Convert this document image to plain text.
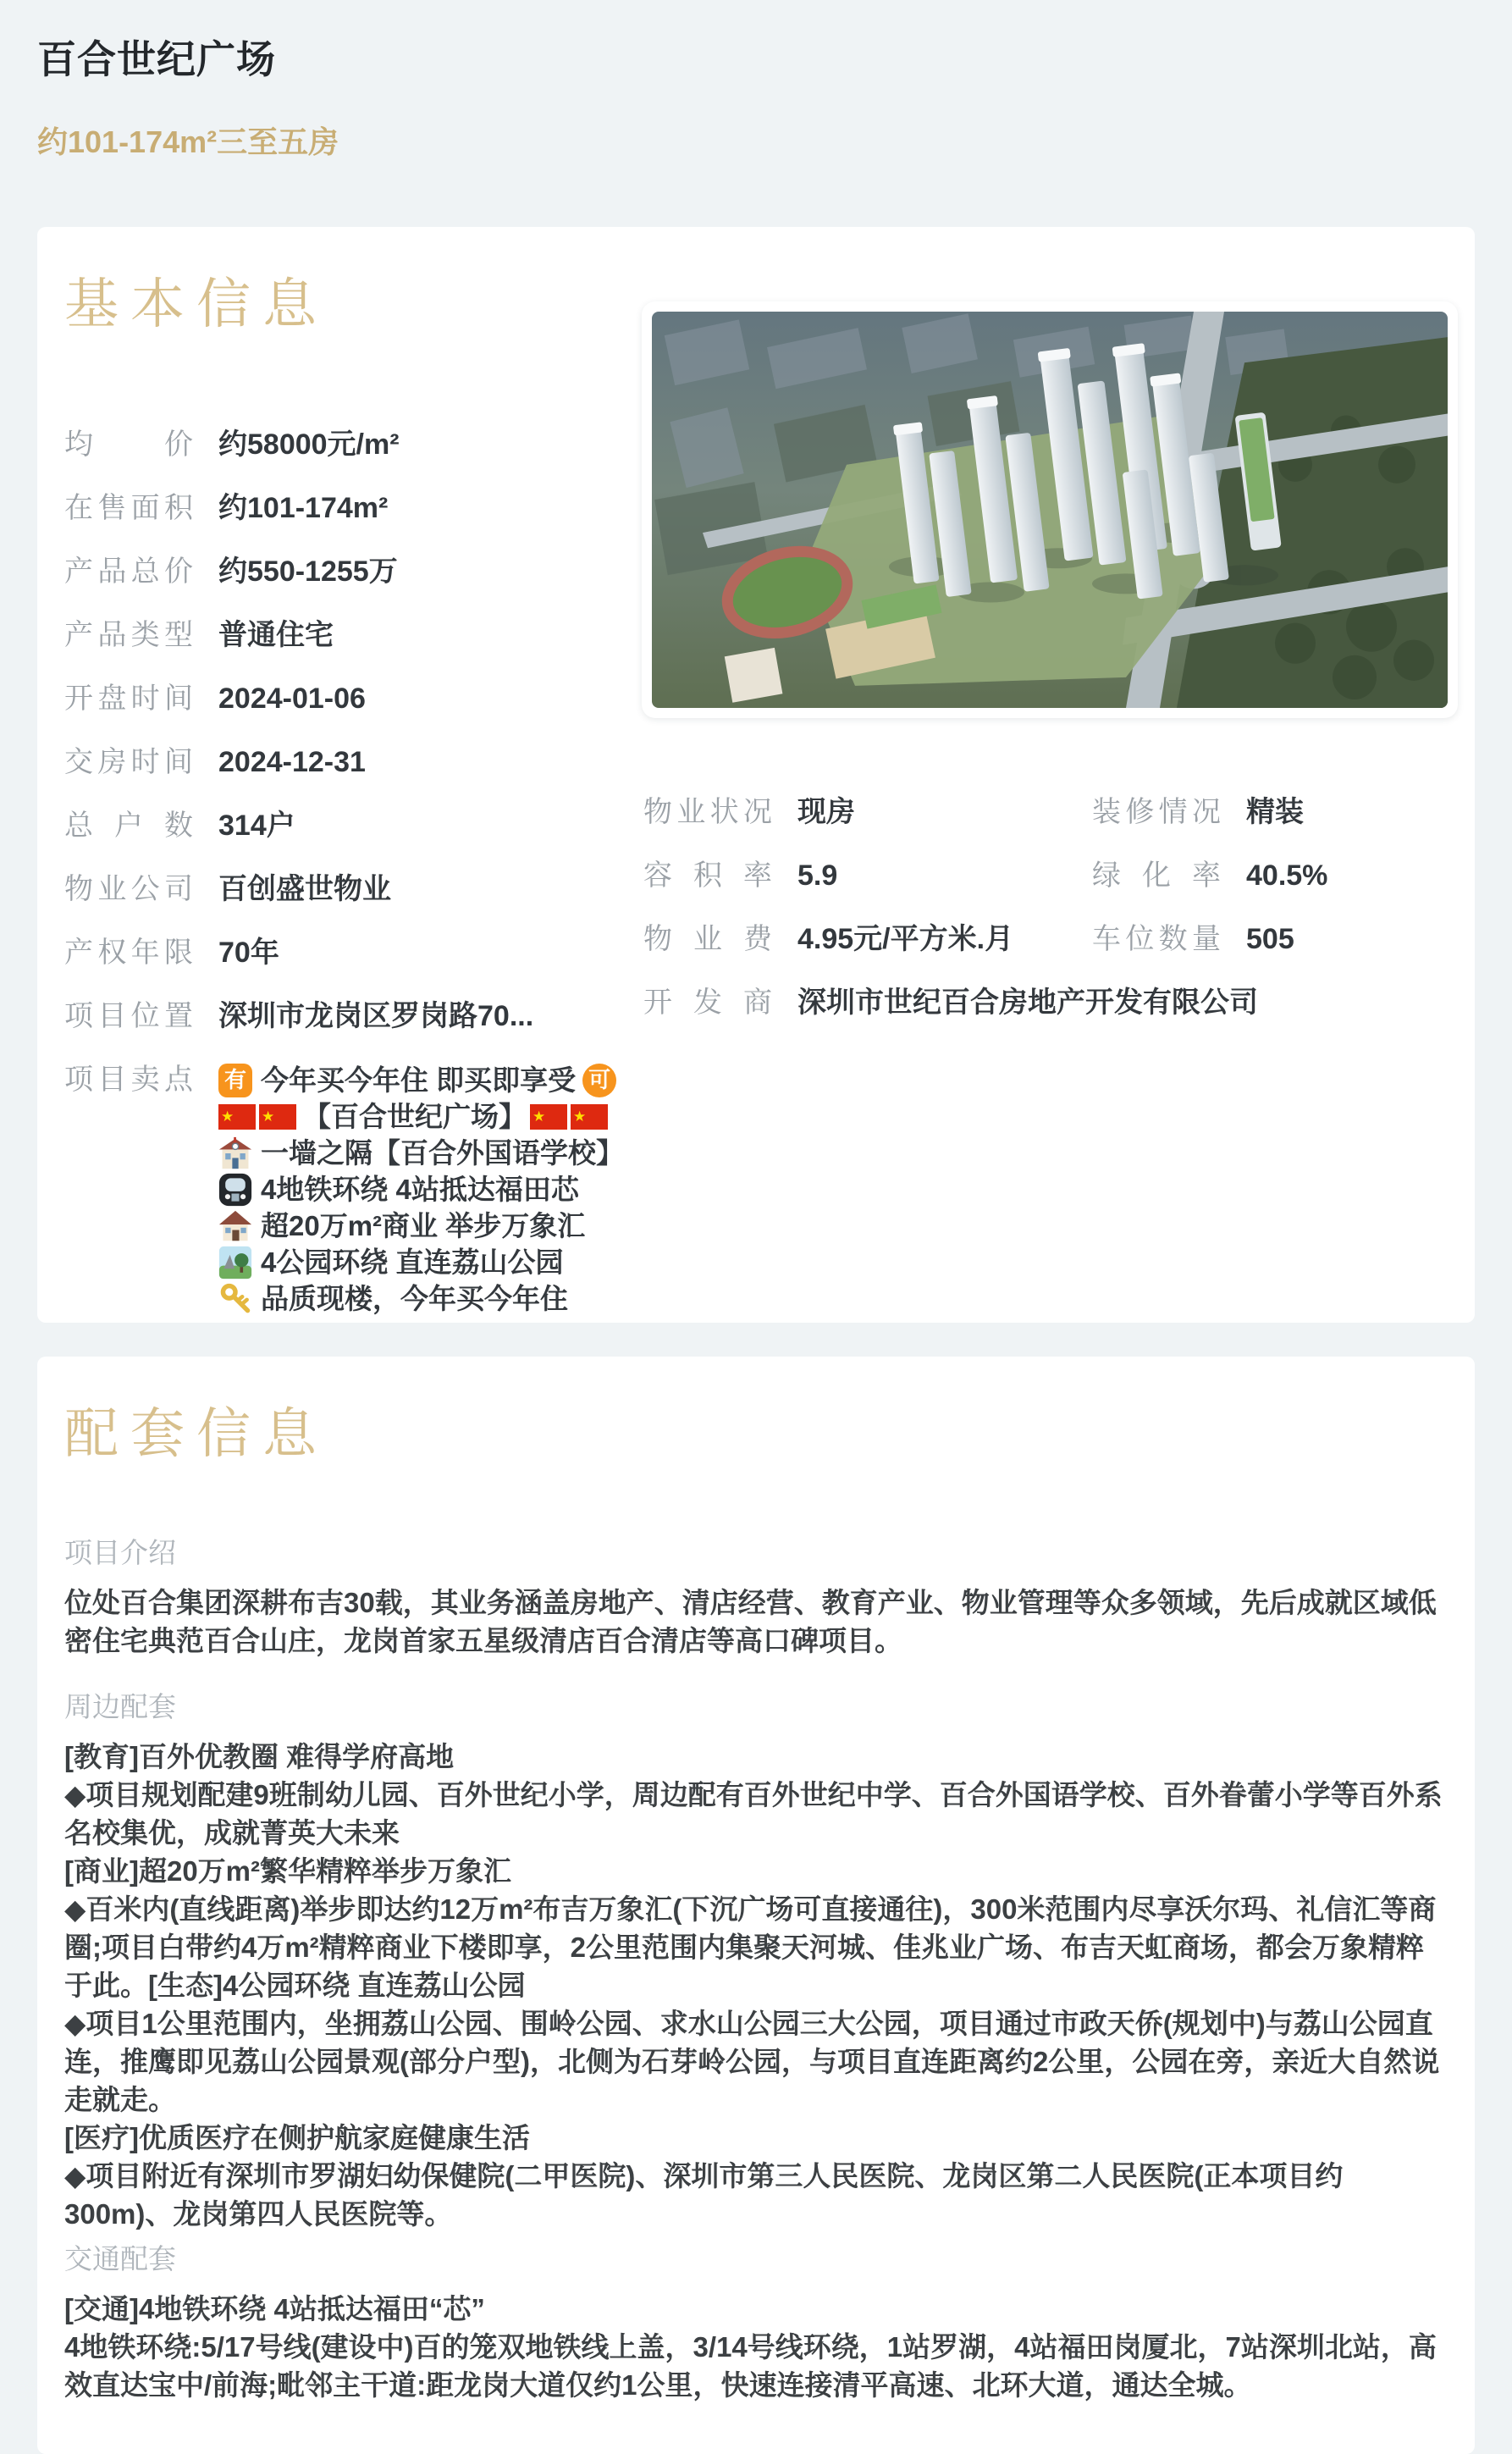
百合世纪广场
约101-174m²三至五房
基本信息
均价 约58000元/m²
在售面积 约101-174m²
产品总价 约550-1255万
产品类型 普通住宅
开盘时间 2024-01-06
交房时间 2024-12-31
总户数 314户
物业公司 百创盛世物业
产权年限 70年
项目位置 深圳市龙岗区罗岗路70...
项目卖点 有 今年买今年住 即买即享受 可
★ ★ 【百合世纪广场】 ★ ★
一墙之隔【百合外国语学校】
4地铁环绕 4站抵达福田芯
超20万m²商业 举步万象汇
4公园环绕 直连荔山公园
品质现楼，今年买今年住
物业状况 现房	装修情况 精装
容积率 5.9	绿化率 40.5%
物业费 4.95元/平方米.月	车位数量 505
开发商 深圳市世纪百合房地产开发有限公司
配套信息
项目介绍
位处百合集团深耕布吉30载，其业务涵盖房地产、清店经营、教育产业、物业管理等众多领域，先后成就区域低密住宅典范百合山庄，龙岗首家五星级清店百合清店等高口碑项目。
周边配套
[教育]百外优教圈 难得学府高地
◆项目规划配建9班制幼儿园、百外世纪小学，周边配有百外世纪中学、百合外国语学校、百外眷蕾小学等百外系名校集优，成就菁英大未来
[商业]超20万m²繁华精粹举步万象汇
◆百米内(直线距离)举步即达约12万m²布吉万象汇(下沉广场可直接通往)，300米范围内尽享沃尔玛、礼信汇等商圈;项目白带约4万m²精粹商业下楼即享，2公里范围内集聚天河城、佳兆业广场、布吉天虹商场，都会万象精粹于此。[生态]4公园环绕 直连荔山公园
◆项目1公里范围内，坐拥荔山公园、围岭公园、求水山公园三大公园，项目通过市政天侨(规划中)与荔山公园直连，推鹰即见荔山公园景观(部分户型)，北侧为石芽岭公园，与项目直连距离约2公里，公园在旁，亲近大自然说走就走。
[医疗]优质医疗在侧护航家庭健康生活
◆项目附近有深圳市罗湖妇幼保健院(二甲医院)、深圳市第三人民医院、龙岗区第二人民医院(正本项目约300m)、龙岗第四人民医院等。
交通配套
[交通]4地铁环绕 4站抵达福田“芯”
4地铁环绕:5/17号线(建设中)百的笼双地铁线上盖，3/14号线环绕，1站罗湖，4站福田岗厦北，7站深圳北站，高效直达宝中/前海;毗邻主干道:距龙岗大道仅约1公里，快速连接清平高速、北环大道，通达全城。
